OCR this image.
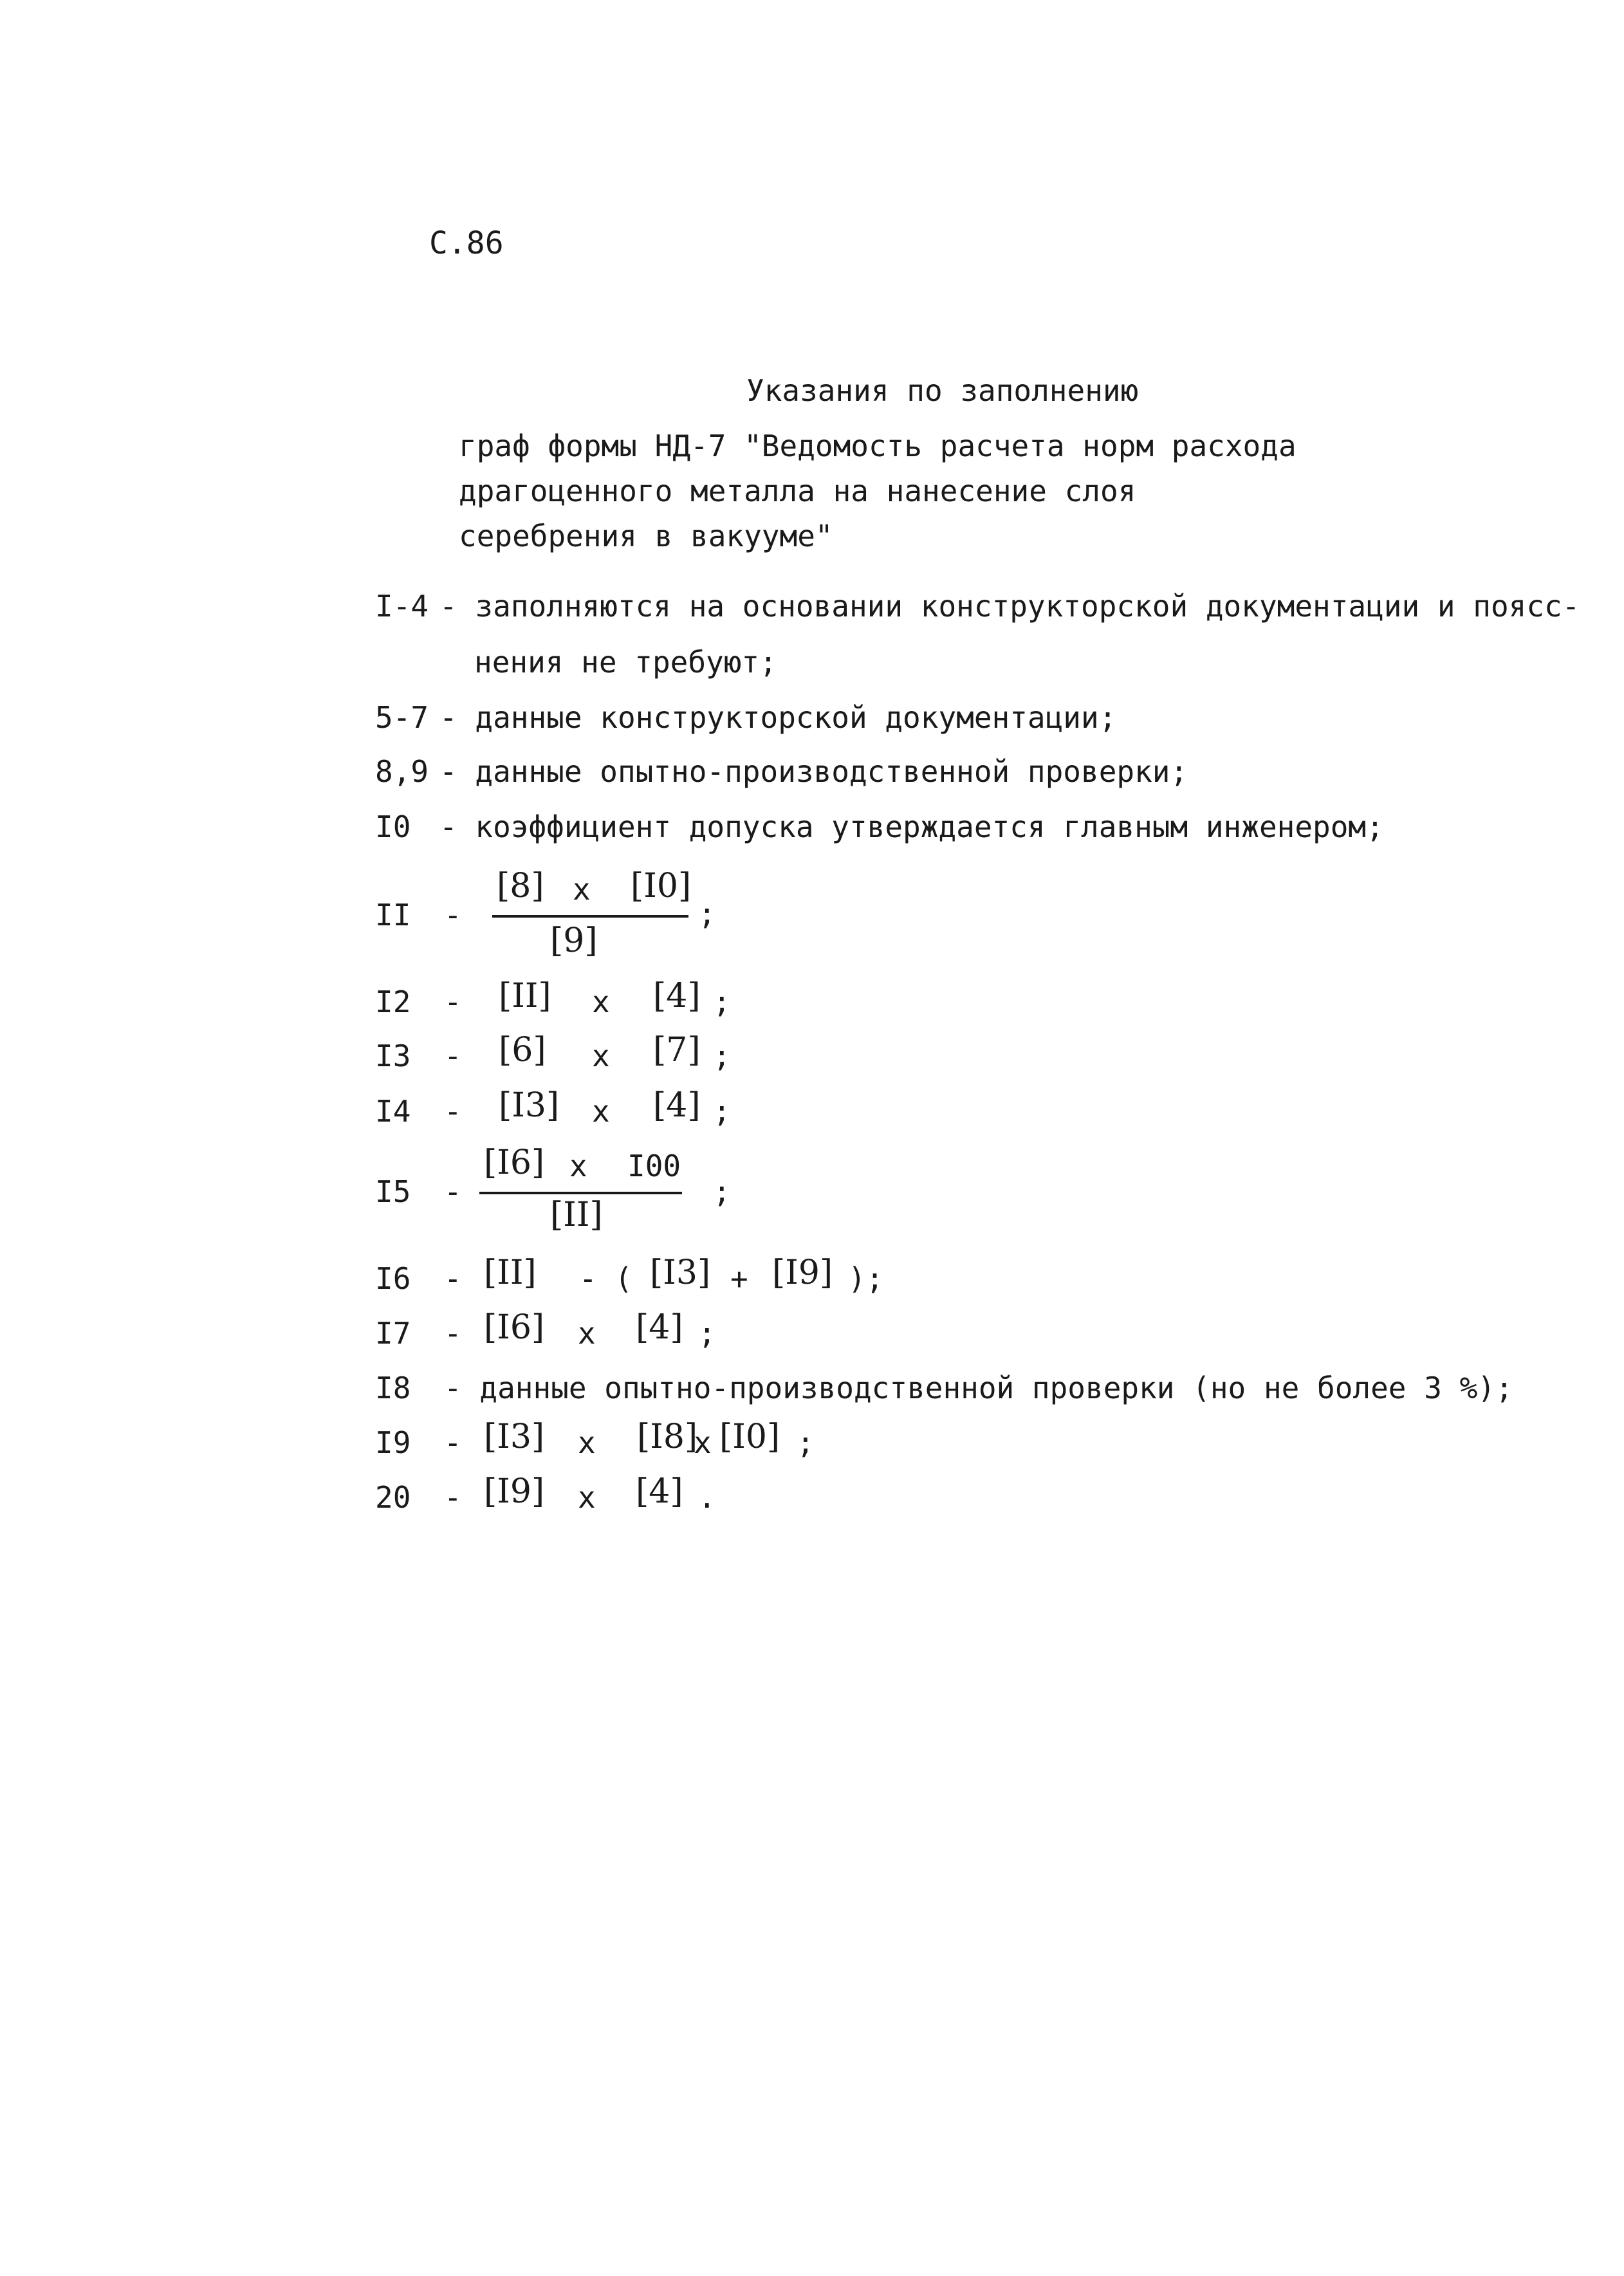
С.86
Указания по заполнению
граф формы НД-7 "Ведомость расчета норм расхода
драгоценного металла на нанесение слоя
серебрения в вакууме"
I-4 - заполняются на основании конструкторской документации и поясс-
нения не требуют;
5-7 - данные конструкторской документации;
8,9 - данные опытно-производственной проверки;
I0 - коэффициент допуска утверждается главным инженером;
II -
[8] x [I0]
[9]
;
I2 - [II] x [4] ;
I3 - [6] x [7] ;
I4 - [I3] x [4] ;
I5 -
[I6] x I00
[II]
;
I6 - [II] - ( [I3] + [I9] );
I7 - [I6] x [4] ;
I8 - данные опытно-производственной проверки (но не более 3 %);
I9 - [I3] x [I8]
x [I0] ;
20 - [I9] x [4] .
